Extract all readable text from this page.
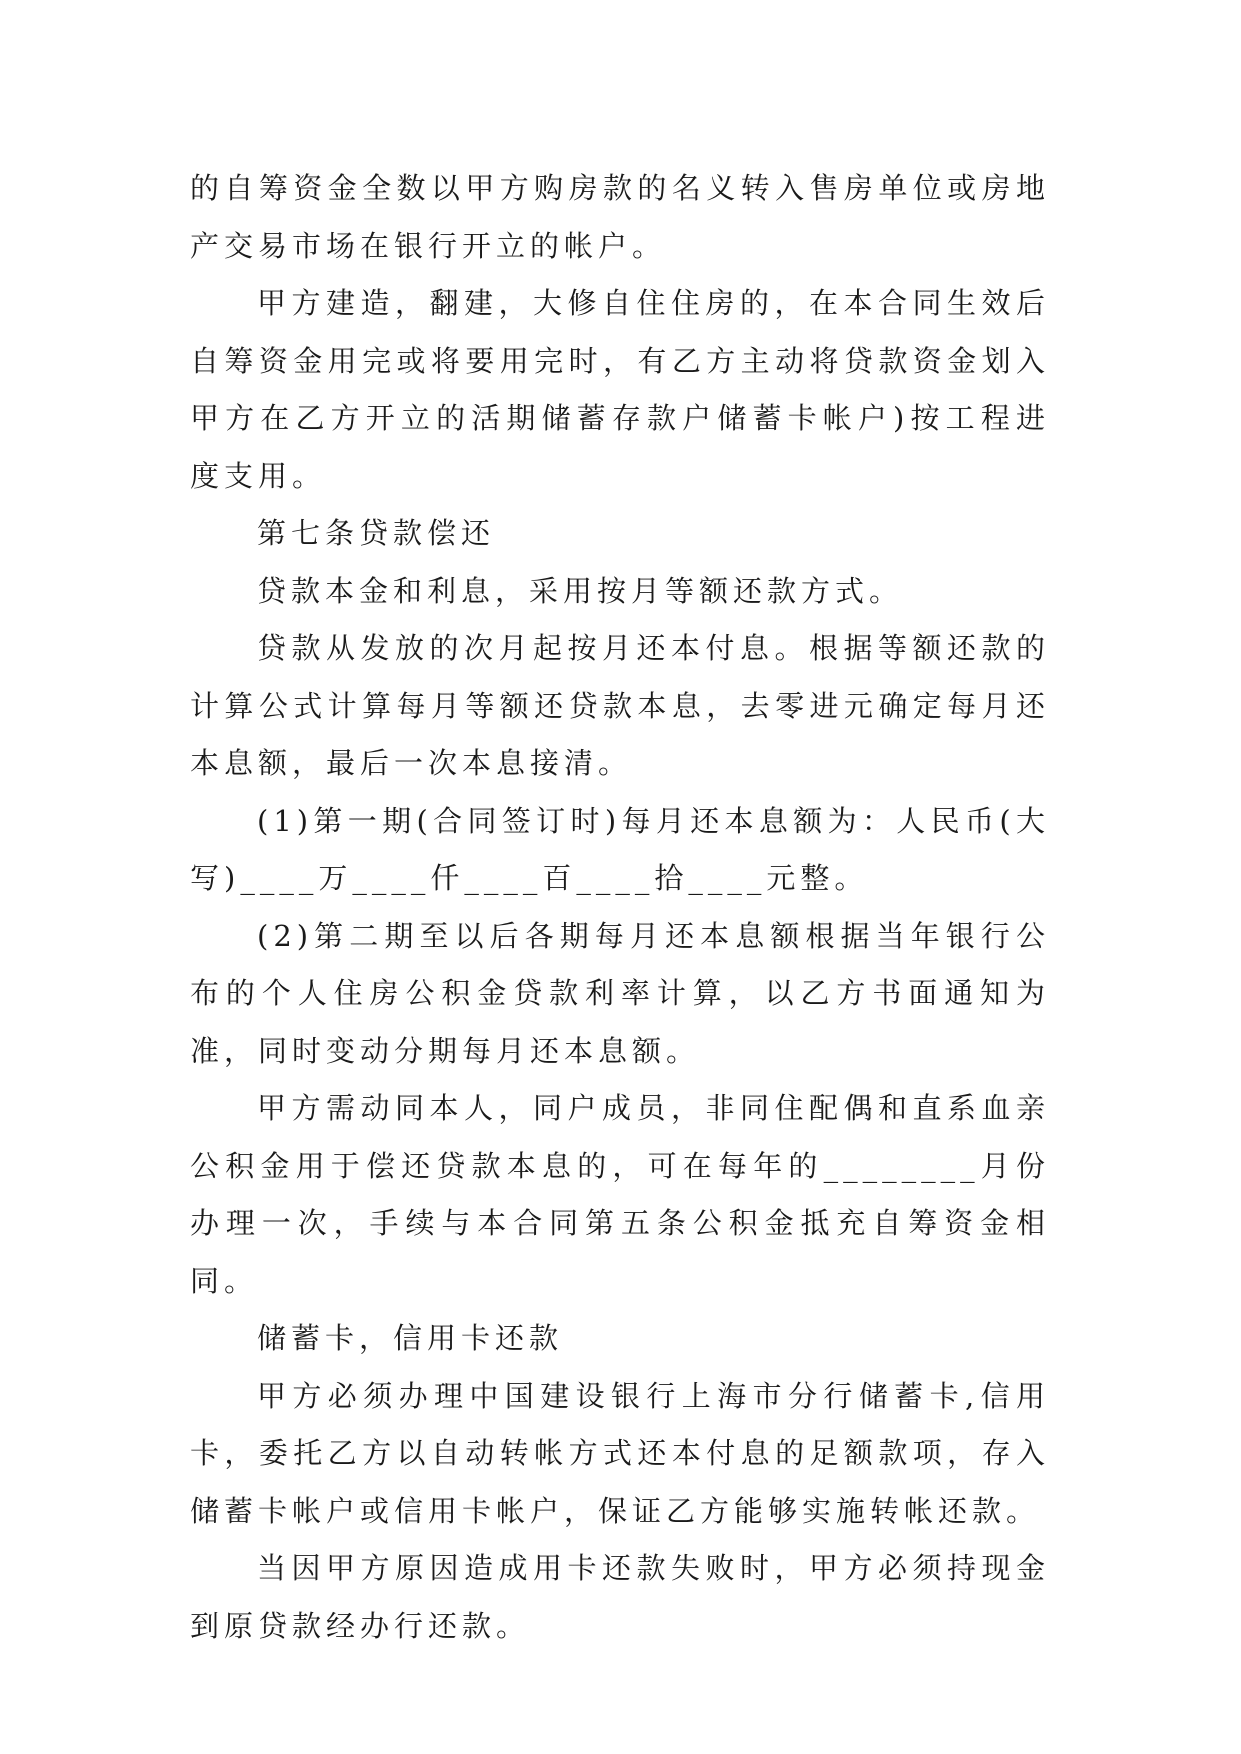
的自筹资金全数以甲方购房款的名义转入售房单位或房地产交易市场在银行开立的帐户。

甲方建造，翻建，大修自住住房的，在本合同生效后自筹资金用完或将要用完时，有乙方主动将贷款资金划入甲方在乙方开立的活期储蓄存款户储蓄卡帐户)按工程进度支用。

第七条贷款偿还

贷款本金和利息，采用按月等额还款方式。

贷款从发放的次月起按月还本付息。根据等额还款的计算公式计算每月等额还贷款本息，去零进元确定每月还本息额，最后一次本息接清。

(1)第一期(合同签订时)每月还本息额为：人民币(大写)____万____仟____百____拾____元整。

(2)第二期至以后各期每月还本息额根据当年银行公布的个人住房公积金贷款利率计算，以乙方书面通知为准，同时变动分期每月还本息额。

甲方需动同本人，同户成员，非同住配偶和直系血亲公积金用于偿还贷款本息的，可在每年的________月份办理一次，手续与本合同第五条公积金抵充自筹资金相同。

储蓄卡，信用卡还款

甲方必须办理中国建设银行上海市分行储蓄卡,信用卡，委托乙方以自动转帐方式还本付息的足额款项，存入储蓄卡帐户或信用卡帐户，保证乙方能够实施转帐还款。

当因甲方原因造成用卡还款失败时，甲方必须持现金到原贷款经办行还款。
